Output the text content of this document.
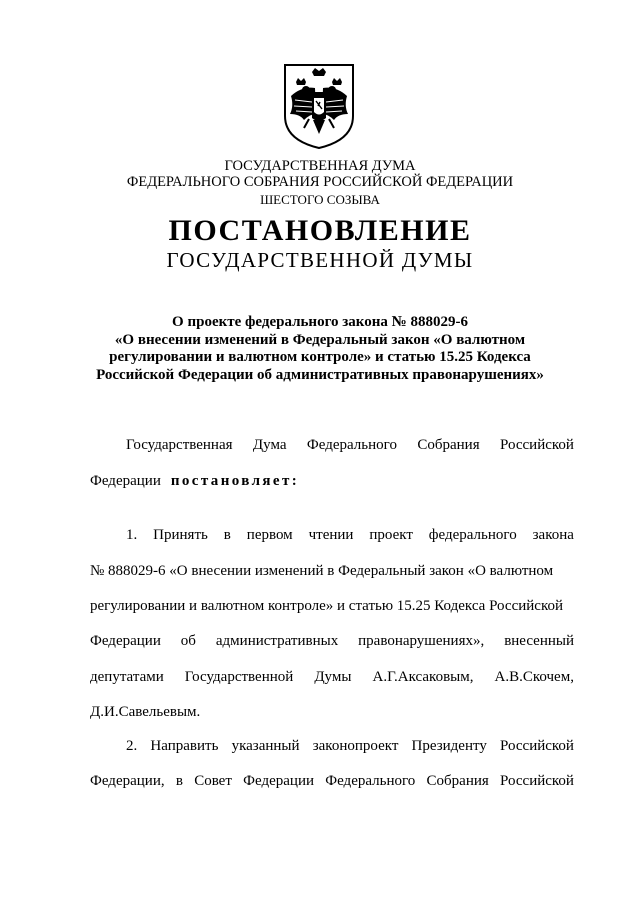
ГОСУДАРСТВЕННАЯ ДУМА
ФЕДЕРАЛЬНОГО СОБРАНИЯ РОССИЙСКОЙ ФЕДЕРАЦИИ
ШЕСТОГО СОЗЫВА
ПОСТАНОВЛЕНИЕ
ГОСУДАРСТВЕННОЙ ДУМЫ
О проекте федерального закона № 888029-6
«О внесении изменений в Федеральный закон «О валютном
регулировании и валютном контроле» и статью 15.25 Кодекса
Российской Федерации об административных правонарушениях»
Государственная Дума Федерального Собрания Российской
Федерации постановляет:
1. Принять в первом чтении проект федерального закона
№ 888029-6 «О внесении изменений в Федеральный закон «О валютном
регулировании и валютном контроле» и статью 15.25 Кодекса Российской
Федерации об административных правонарушениях», внесенный
депутатами Государственной Думы А.Г.Аксаковым, А.В.Скочем,
Д.И.Савельевым.
2. Направить указанный законопроект Президенту Российской
Федерации, в Совет Федерации Федерального Собрания Российской
